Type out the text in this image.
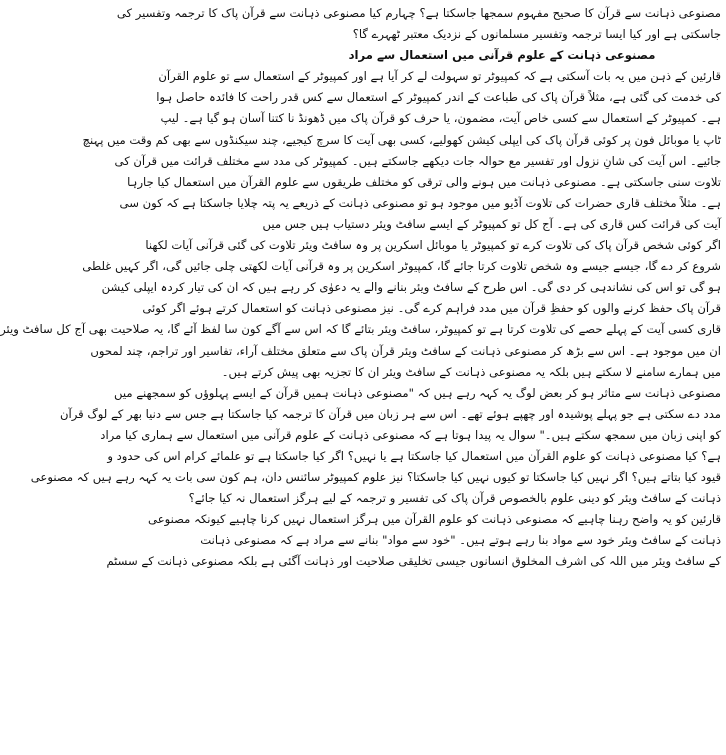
مصنوعی ذہانت سے قرآن کا صحیح مفہوم سمجھا جاسکتا ہے؟ چہارم کیا مصنوعی ذہانت سے قرآن پاک کا ترجمہ وتفسیر کی
جاسکتی ہے اور کیا ایسا ترجمہ وتفسیر مسلمانوں کے نزدیک معتبر ٹھہرے گا؟
مصنوعی ذہانت کے علوم قرآنی میں استعمال سے مراد
قارئین کے ذہن میں یہ بات آسکتی ہے کہ کمپیوٹر تو سہولت لے کر آیا ہے اور کمپیوٹر کے استعمال سے تو علوم القرآن
کی خدمت کی گئی ہے، مثلاً قرآن پاک کی طباعت کے اندر کمپیوٹر کے استعمال سے کس قدر راحت کا فائدہ حاصل ہوا
ہے۔ کمپیوٹر کے استعمال سے کسی خاص آیت، مضمون، یا حرف کو قرآن پاک میں ڈھونڈ نا کتنا آسان ہو گیا ہے۔ لیپ
ٹاپ یا موبائل فون پر کوئی قرآن پاک کی ایپلی کیشن کھولیے، کسی بھی آیت کا سرچ کیجیے، چند سیکنڈوں سے بھی کم وقت میں پہنچ
جائیے۔ اس آیت کی شانِ نزول اور تفسیر مع حوالہ جات دیکھے جاسکتے ہیں۔ کمپیوٹر کی مدد سے مختلف قرائت میں قرآن کی
تلاوت سنی جاسکتی ہے۔ مصنوعی ذہانت میں ہونے والی ترقی کو مختلف طریقوں سے علوم القرآن میں استعمال کیا جارہا
ہے۔ مثلاً مختلف قاری حضرات کی تلاوت آڈیو میں موجود ہو تو مصنوعی ذہانت کے ذریعے یہ پتہ چلایا جاسکتا ہے کہ کون سی
آیت کی قرائت کس قاری کی ہے۔ آج کل تو کمپیوٹر کے ایسے سافٹ ویئر دستیاب ہیں جس میں
اگر کوئی شخص قرآن پاک کی تلاوت کرے تو کمپیوٹر یا موبائل اسکرین پر وہ سافٹ ویئر تلاوت کی گئی قرآنی آیات لکھنا
شروع کر دے گا، جیسے جیسے وہ شخص تلاوت کرتا جائے گا، کمپیوٹر اسکرین پر وہ قرآنی آیات لکھتی چلی جائیں گی، اگر کہیں غلطی
ہو گی تو اس کی نشاندہی کر دی گی۔ اس طرح کے سافٹ ویئر بنانے والے یہ دعوٰی کر رہے ہیں کہ ان کی تیار کردہ ایپلی کیشن
قرآن پاک حفظ کرنے والوں کو حفظِ قرآن میں مدد فراہم کرے گی۔ نیز مصنوعی ذہانت کو استعمال کرتے ہوئے اگر کوئی
قاری کسی آیت کے پہلے حصے کی تلاوت کرتا ہے تو کمپیوٹر، سافٹ ویئر بتائے گا کہ اس سے آگے کون سا لفظ آئے گا، یہ صلاحیت بھی آج کل سافٹ ویئر
ان میں موجود ہے۔ اس سے بڑھ کر مصنوعی ذہانت کے سافٹ ویئر قرآن پاک سے متعلق مختلف آراء، تفاسیر اور تراجم، چند لمحوں
میں ہمارے سامنے لا سکتے ہیں بلکہ یہ مصنوعی ذہانت کے سافٹ ویئر ان کا تجزیہ بھی پیش کرتے ہیں۔
مصنوعی ذہانت سے متاثر ہو کر بعض لوگ یہ کہہ رہے ہیں کہ "مصنوعی ذہانت ہمیں قرآن کے ایسے پہلوؤں کو سمجھنے میں
مدد دے سکتی ہے جو پہلے پوشیدہ اور چھپے ہوئے تھے۔ اس سے ہر زبان میں قرآن کا ترجمہ کیا جاسکتا ہے جس سے دنیا بھر کے لوگ قرآن
کو اپنی زبان میں سمجھ سکتے ہیں۔" سوال یہ پیدا ہوتا ہے کہ مصنوعی ذہانت کے علوم قرآنی میں استعمال سے ہماری کیا مراد
ہے؟ کیا مصنوعی ذہانت کو علوم القرآن میں استعمال کیا جاسکتا ہے یا نہیں؟ اگر کیا جاسکتا ہے تو علمائے کرام اس کی حدود و
قیود کیا بتاتے ہیں؟ اگر نہیں کیا جاسکتا تو کیوں نہیں کیا جاسکتا؟ نیز علوم کمپیوٹر سائنس دان، ہم کون سی بات یہ کہہ رہے ہیں کہ مصنوعی
ذہانت کے سافٹ ویئر کو دینی علوم بالخصوص قرآن پاک کی تفسیر و ترجمہ کے لیے ہرگز استعمال نہ کیا جائے؟
قارئین کو یہ واضح رہنا چاہیے کہ مصنوعی ذہانت کو علوم القرآن میں ہرگز استعمال نہیں کرنا چاہیے کیونکہ مصنوعی
ذہانت کے سافٹ ویئر خود سے مواد بنا رہے ہوتے ہیں۔ "خود سے مواد" بنانے سے مراد ہے کہ مصنوعی ذہانت
کے سافٹ ویئر میں اللہ کی اشرف المخلوق انسانوں جیسی تخلیقی صلاحیت اور ذہانت آگئی ہے بلکہ مصنوعی ذہانت کے سسٹم
